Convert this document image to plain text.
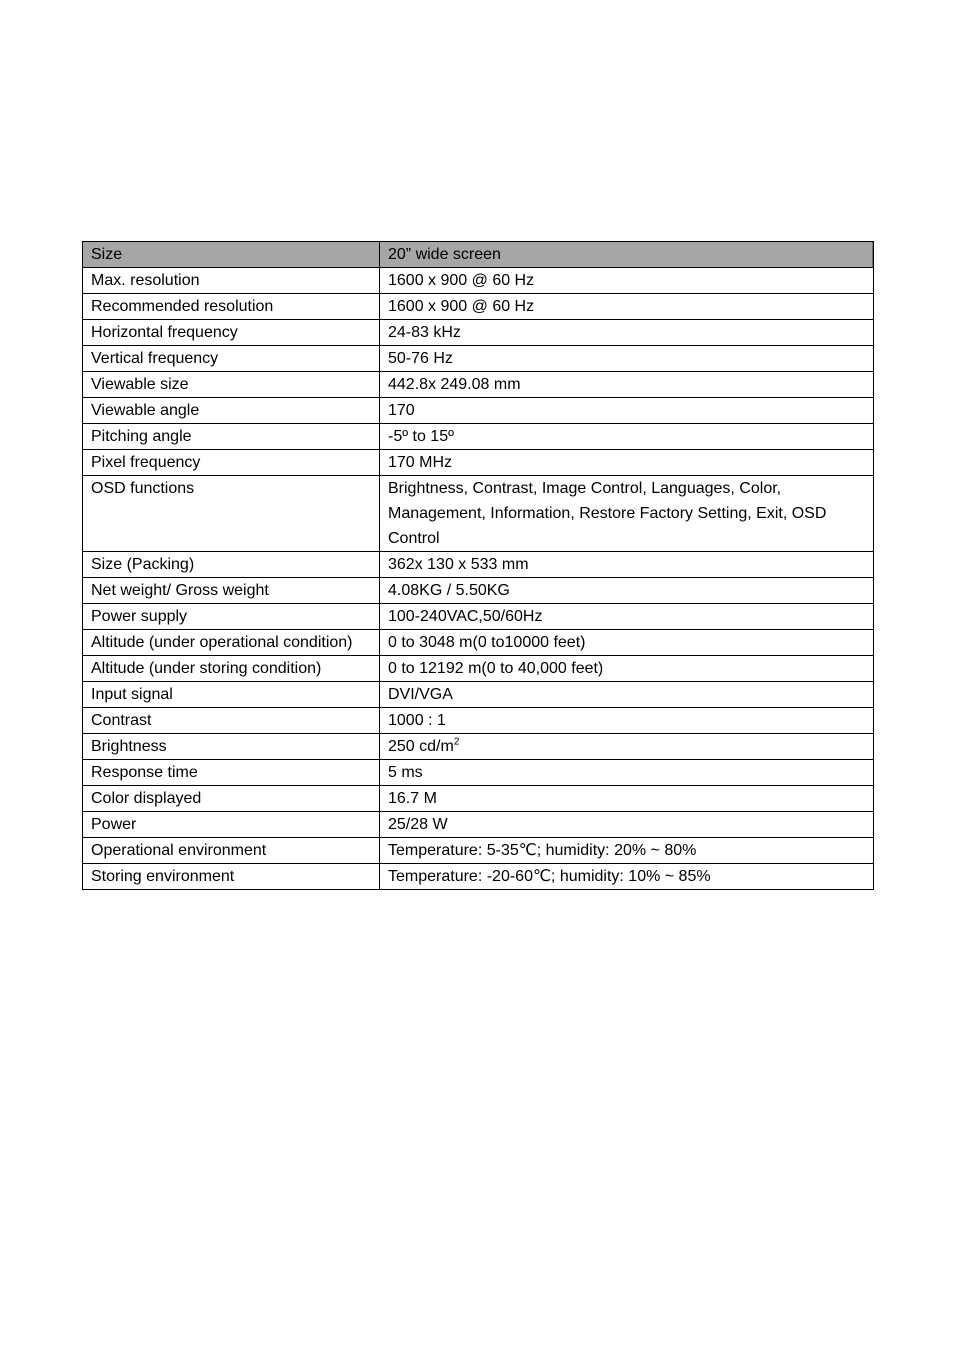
Size	20” wide screen
Max. resolution	1600 x 900 @ 60 Hz
Recommended resolution	1600 x 900 @ 60 Hz
Horizontal frequency	24-83 kHz
Vertical frequency	50-76 Hz
Viewable size	442.8x 249.08 mm
Viewable angle	170
Pitching angle	-5º to 15º
Pixel frequency	170 MHz
OSD functions	Brightness, Contrast, Image Control, Languages, Color, Management, Information, Restore Factory Setting, Exit, OSD Control
Size (Packing)	362x 130 x 533 mm
Net weight/ Gross weight	4.08KG / 5.50KG
Power supply	100-240VAC,50/60Hz
Altitude (under operational condition)	0 to 3048 m(0 to10000 feet)
Altitude (under storing condition)	0 to 12192 m(0 to 40,000 feet)
Input signal	DVI/VGA
Contrast	1000 : 1
Brightness	250 $cd/m^2$
Response time	5 ms
Color displayed	16.7 M
Power	25/28 W
Operational environment	Temperature: 5-35℃; humidity: 20% ~ 80%
Storing environment	Temperature: -20-60℃; humidity: 10% ~ 85%
